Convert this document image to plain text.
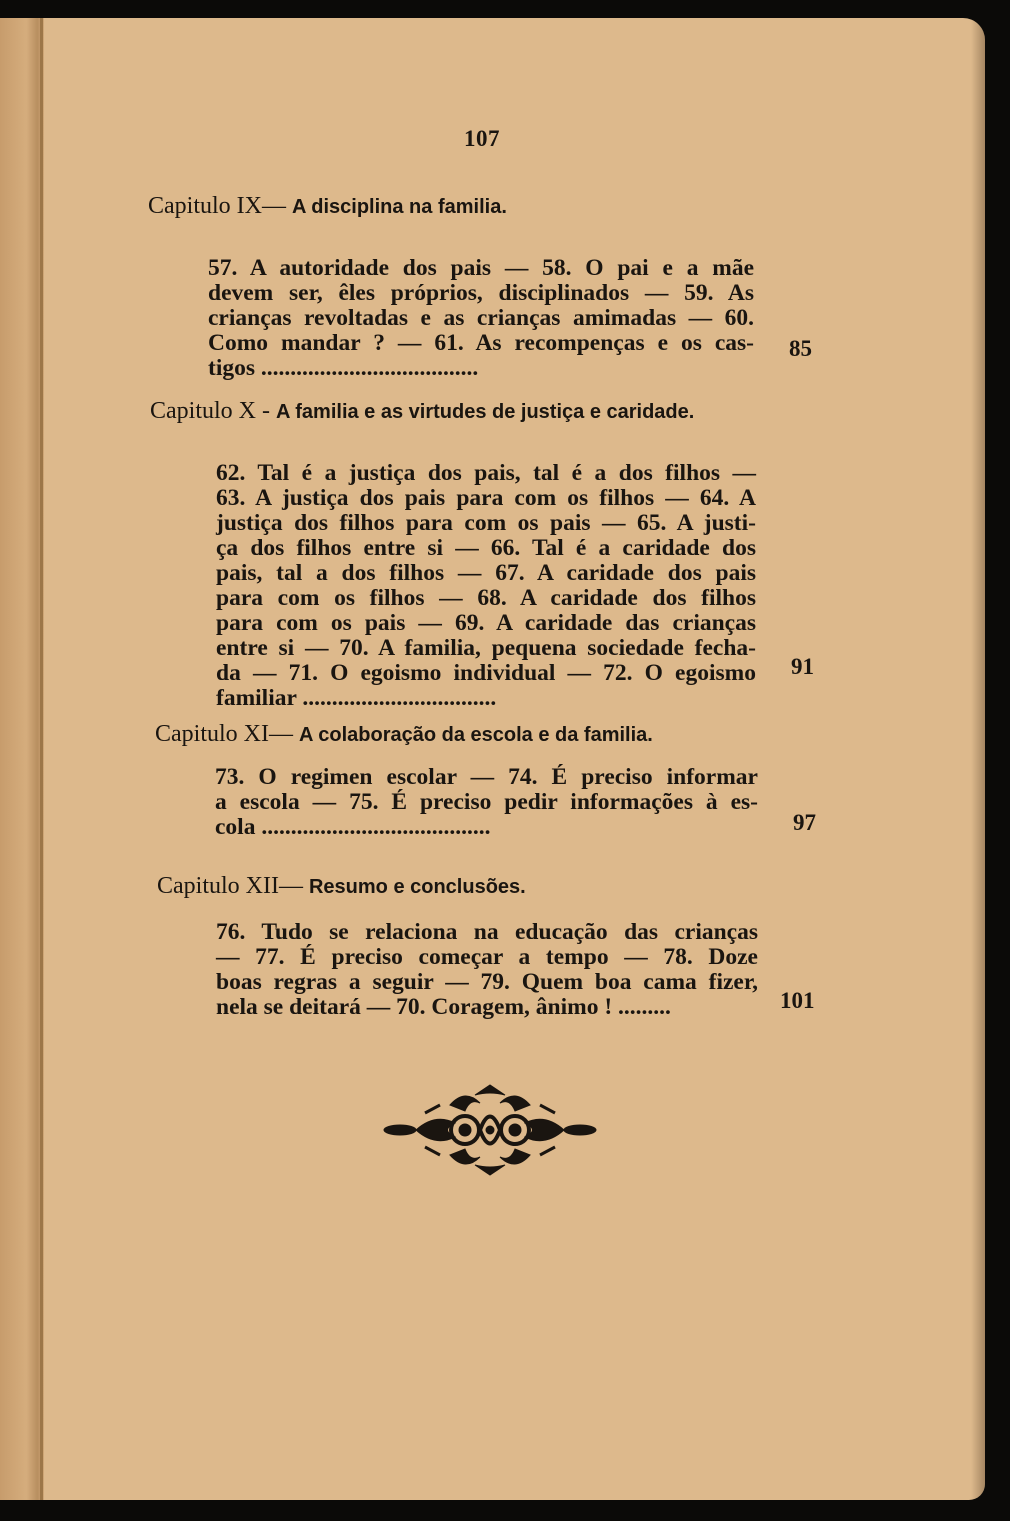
107
Capitulo IX— A disciplina na familia.
57. A autoridade dos pais — 58. O pai e a mãe
devem ser, êles próprios, disciplinados — 59. As
crianças revoltadas e as crianças amimadas — 60.
Como mandar ? — 61. As recompenças e os cas-
tigos .....................................
85
Capitulo X - A familia e as virtudes de justiça e caridade.
62. Tal é a justiça dos pais, tal é a dos filhos —
63. A justiça dos pais para com os filhos — 64. A
justiça dos filhos para com os pais — 65. A justi-
ça dos filhos entre si — 66. Tal é a caridade dos
pais, tal a dos filhos — 67. A caridade dos pais
para com os filhos — 68. A caridade dos filhos
para com os pais — 69. A caridade das crianças
entre si — 70. A familia, pequena sociedade fecha-
da — 71. O egoismo individual — 72. O egoismo
familiar .................................
91
Capitulo XI— A colaboração da escola e da familia.
73. O regimen escolar — 74. É preciso informar
a escola — 75. É preciso pedir informações à es-
cola .......................................	97
Capitulo XII— Resumo e conclusões.
76. Tudo se relaciona na educação das crianças
— 77. É preciso começar a tempo — 78. Doze
boas regras a seguir — 79. Quem boa cama fizer,
nela se deitará — 70. Coragem, ânimo ! .........	101
